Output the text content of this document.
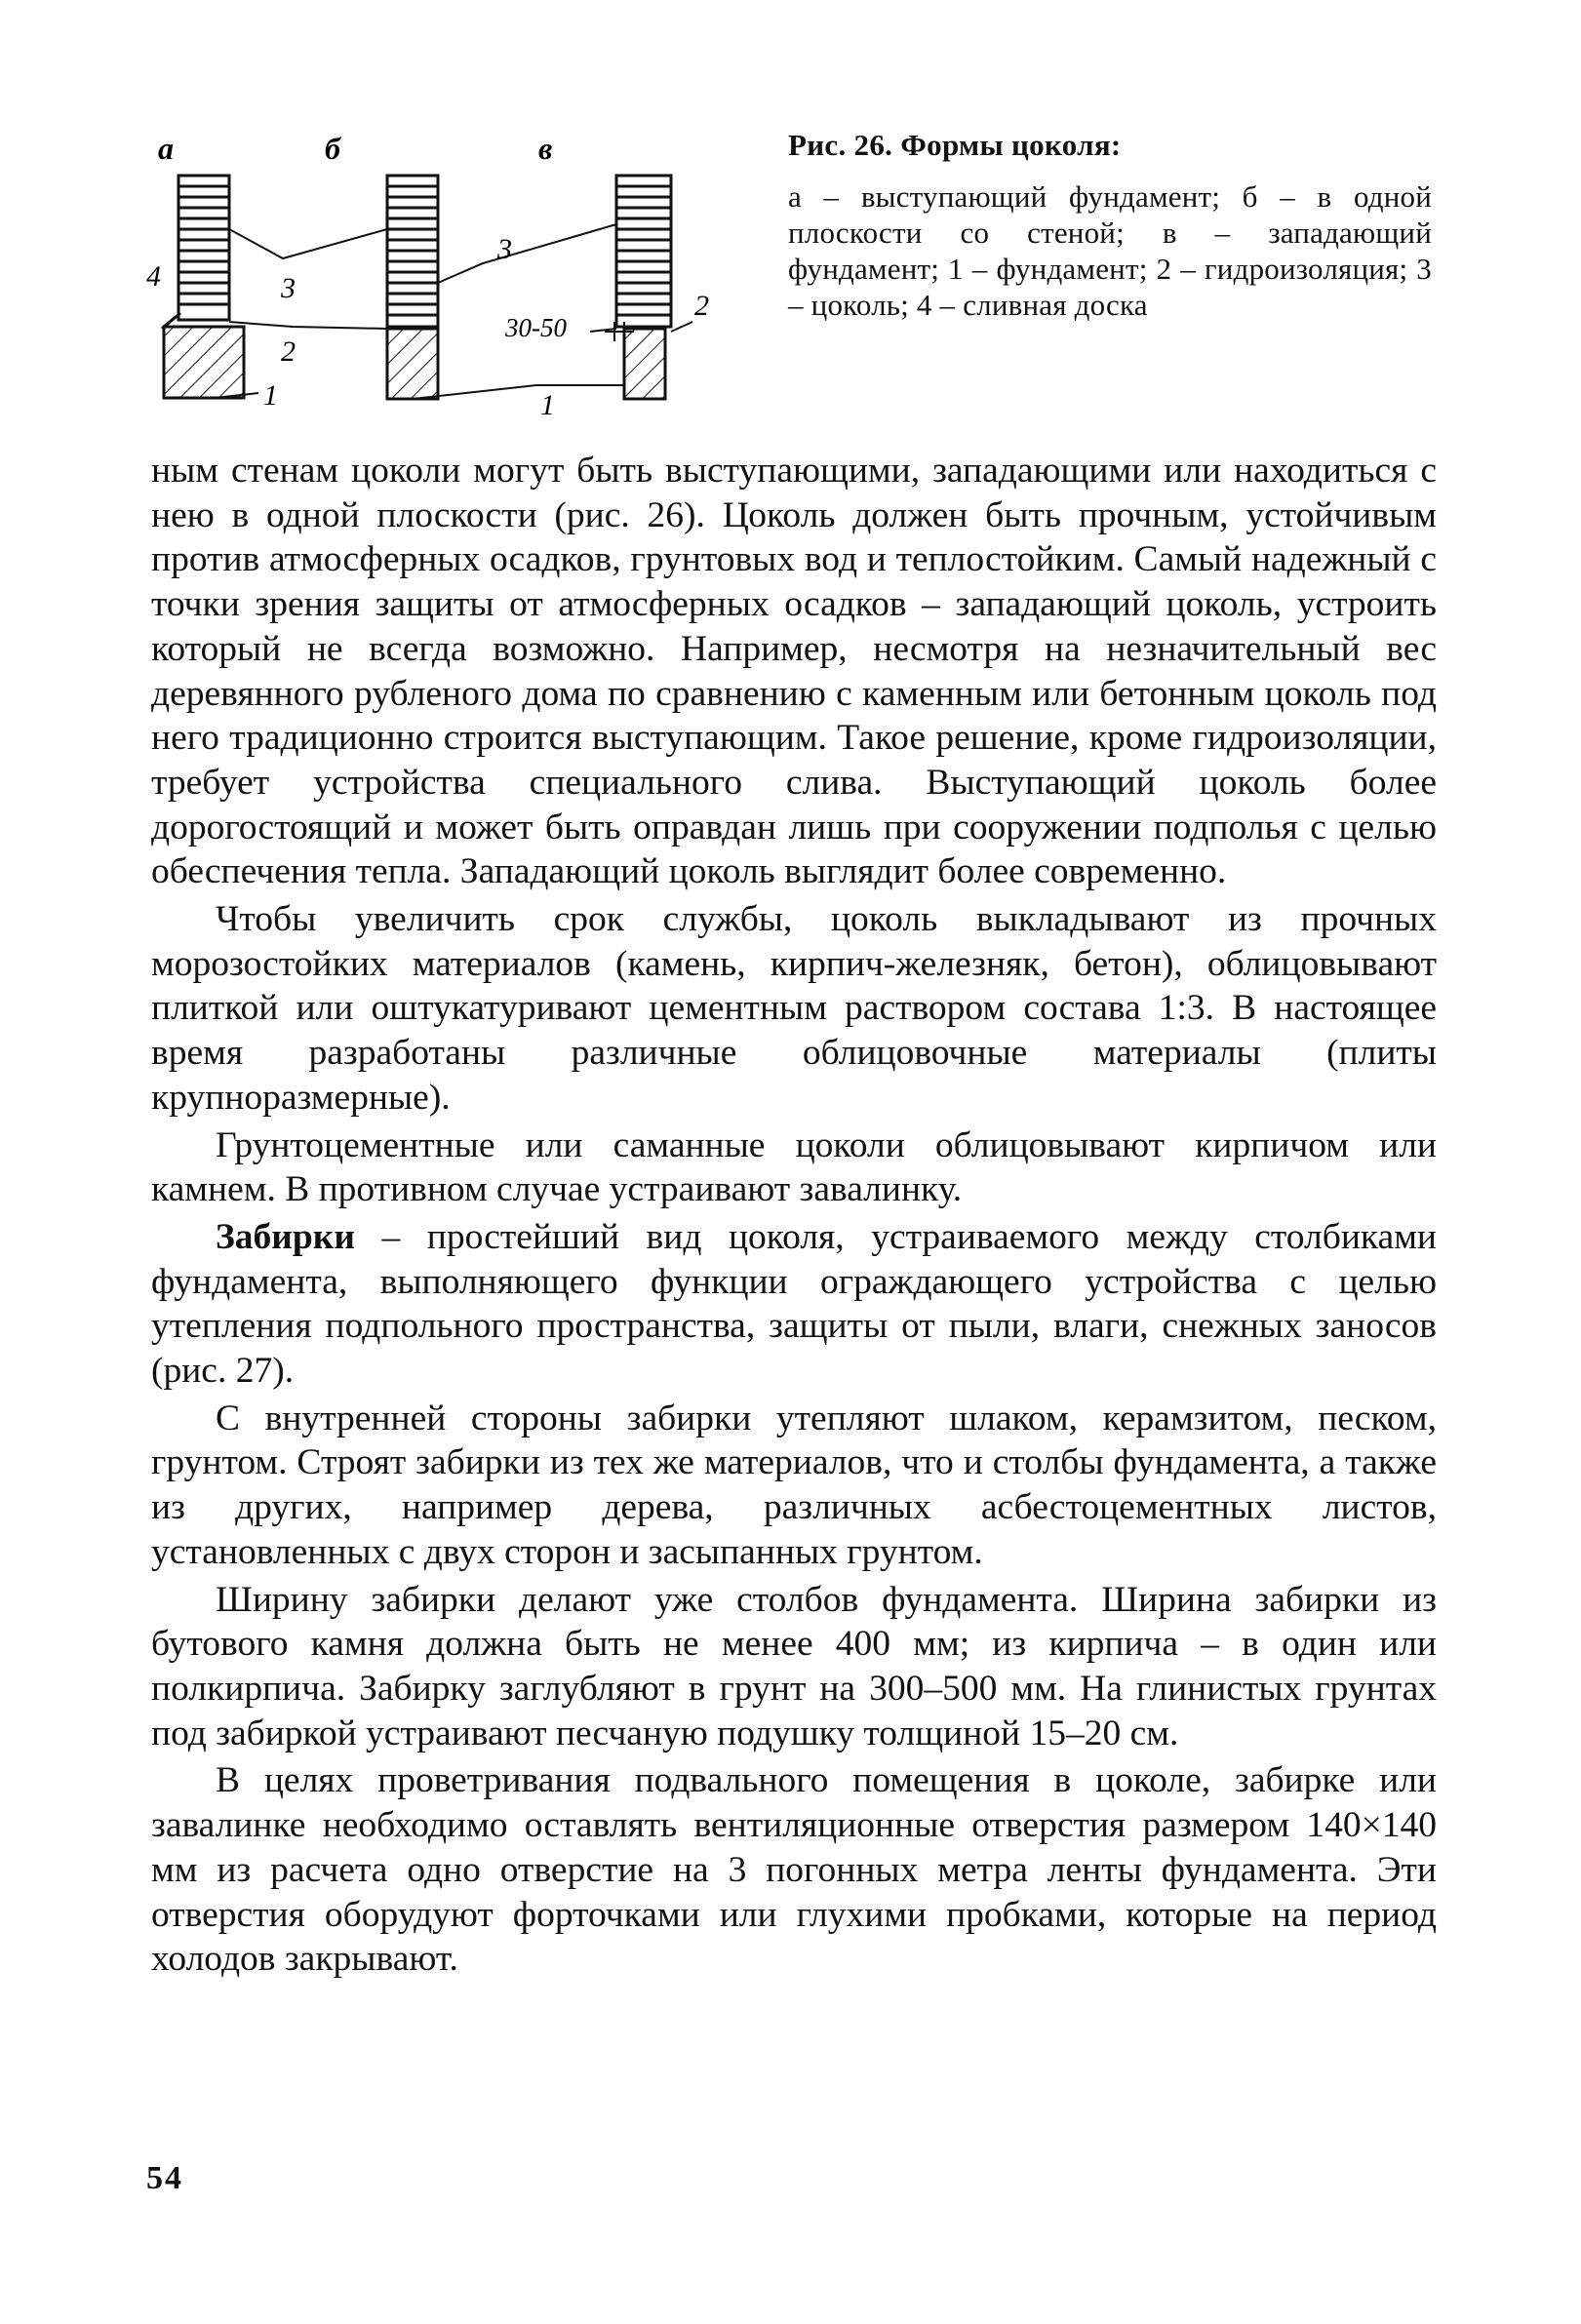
а	б	в
3
4
2
1
3
30-50
2
1
Рис. 26. Формы цоколя:
а – выступающий фундамент; б – в одной плоскости со стеной; в – западающий фундамент; 1 – фундамент; 2 – гидроизоляция; 3 – цоколь; 4 – сливная доска

ным стенам цоколи могут быть выступающими, западающими или находиться с нею в одной плоскости (рис. 26). Цоколь должен быть прочным, устойчивым против атмосферных осадков, грунтовых вод и теплостойким. Самый надежный с точки зрения защиты от атмосферных осадков – западающий цоколь, устроить который не всегда возможно. Например, несмотря на незначительный вес деревянного рубленого дома по сравнению с каменным или бетонным цоколь под него традиционно строится выступающим. Такое решение, кроме гидроизоляции, требует устройства специального слива. Выступающий цоколь более дорогостоящий и может быть оправдан лишь при сооружении подполья с целью обеспечения тепла. Западающий цоколь выглядит более современно.

Чтобы увеличить срок службы, цоколь выкладывают из прочных морозостойких материалов (камень, кирпич-железняк, бетон), облицовывают плиткой или оштукатуривают цементным раствором состава 1:3. В настоящее время разработаны различные облицовочные материалы (плиты крупноразмерные).

Грунтоцементные или саманные цоколи облицовывают кирпичом или камнем. В противном случае устраивают завалинку.

Забирки – простейший вид цоколя, устраиваемого между столбиками фундамента, выполняющего функции ограждающего устройства с целью утепления подпольного пространства, защиты от пыли, влаги, снежных заносов (рис. 27).

С внутренней стороны забирки утепляют шлаком, керамзитом, песком, грунтом. Строят забирки из тех же материалов, что и столбы фундамента, а также из других, например дерева, различных асбестоцементных листов, установленных с двух сторон и засыпанных грунтом.

Ширину забирки делают уже столбов фундамента. Ширина забирки из бутового камня должна быть не менее 400 мм; из кирпича – в один или полкирпича. Забирку заглубляют в грунт на 300–500 мм. На глинистых грунтах под забиркой устраивают песчаную подушку толщиной 15–20 см.

В целях проветривания подвального помещения в цоколе, забирке или завалинке необходимо оставлять вентиляционные отверстия размером 140×140 мм из расчета одно отверстие на 3 погонных метра ленты фундамента. Эти отверстия оборудуют форточками или глухими пробками, которые на период холодов закрывают.

54
